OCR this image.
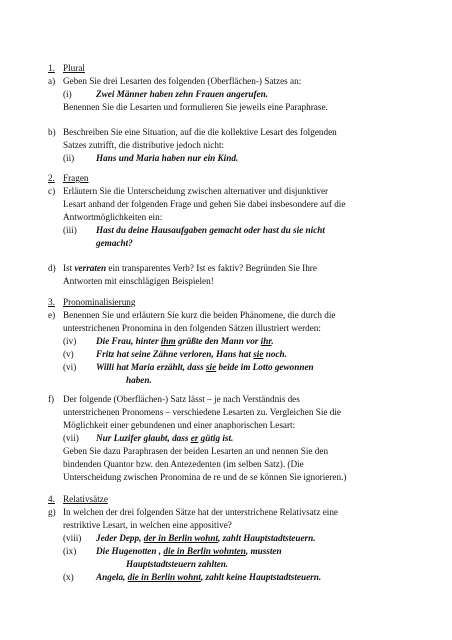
1. Plural
a) Geben Sie drei Lesarten des folgenden (Oberflächen-) Satzes an:
(i)	Zwei Männer haben zehn Frauen angerufen.
Benennen Sie die Lesarten und formulieren Sie jeweils eine Paraphrase.
b) Beschreiben Sie eine Situation, auf die die kollektive Lesart des folgenden
Satzes zutrifft, die distributive jedoch nicht:
(ii) Hans und Maria haben nur ein Kind.
2. Fragen
c) Erläutern Sie die Unterscheidung zwischen alternativer und disjunktiver
Lesart anhand der folgenden Frage und gehen Sie dabei insbesondere auf die
Antwortmöglichkeiten ein:
(iii) Hast du deine Hausaufgaben gemacht oder hast du sie nicht
gemacht?
d) Ist verraten ein transparentes Verb? Ist es faktiv? Begründen Sie Ihre
Antworten mit einschlägigen Beispielen!
3. Pronominalisierung
e) Benennen Sie und erläutern Sie kurz die beiden Phänomene, die durch die
unterstrichenen Pronomina in den folgenden Sätzen illustriert werden:
(iv) Die Frau, hinter ihm grüßte den Mann vor ihr.
(v) Fritz hat seine Zähne verloren, Hans hat sie noch.
(vi) Willi hat Maria erzählt, dass sie beide im Lotto gewonnen
haben.
f) Der folgende (Oberflächen-) Satz lässt – je nach Verständnis des
unterstrichenen Pronomens – verschiedene Lesarten zu. Vergleichen Sie die
Möglichkeit einer gebundenen und einer anaphorischen Lesart:
(vii) Nur Luzifer glaubt, dass er gütig ist.
Geben Sie dazu Paraphrasen der beiden Lesarten an und nennen Sie den
bindenden Quantor bzw. den Antezedenten (im selben Satz). (Die
Unterscheidung zwischen Pronomina de re und de se können Sie ignorieren.)
4. Relativsätze
g) In welchen der drei folgenden Sätze hat der unterstrichene Relativsatz eine
restriktive Lesart, in welchen eine appositive?
(viii) Jeder Depp, der in Berlin wohnt, zahlt Hauptstadtsteuern.
(ix) Die Hugenotten , die in Berlin wohnten, mussten
Hauptstadtsteuern zahlten.
(x) Angela, die in Berlin wohnt, zahlt keine Hauptstadtsteuern.
